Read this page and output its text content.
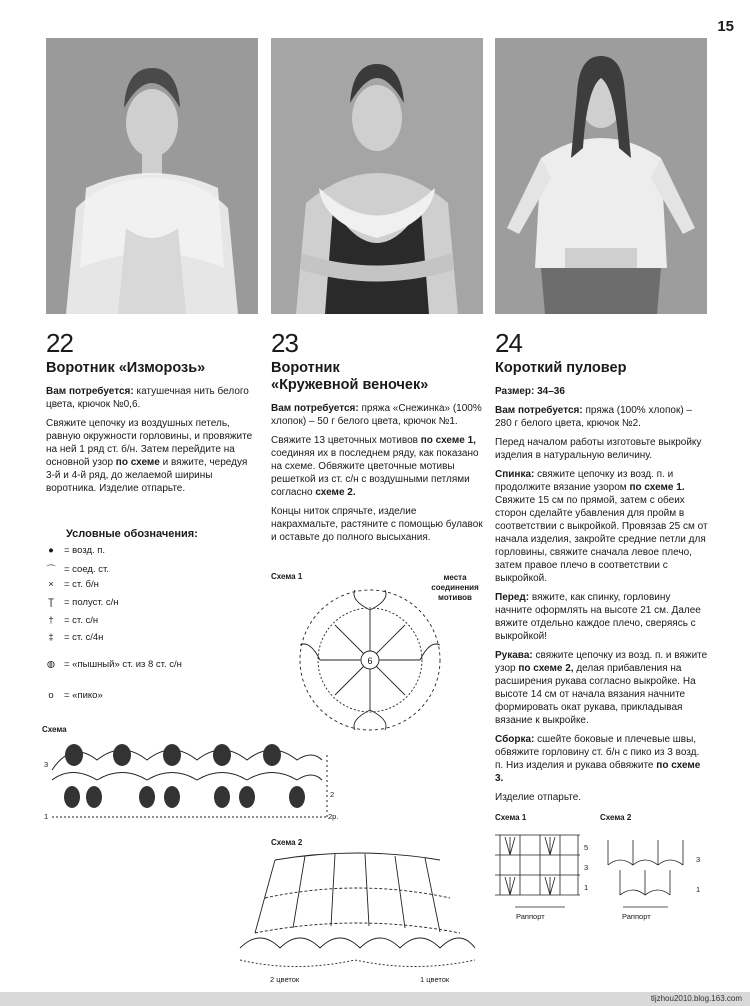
15
22
Воротник «Изморозь»

Вам потребуется: катушечная нить белого цвета, крючок №0,6.

Свяжите цепочку из воздушных петель, равную окружности горловины, и провяжите на ней 1 ряд ст. б/н. Затем перейдите на основной узор по схеме и вяжите, чередуя 3-й и 4-й ряд, до желаемой ширины воротника. Изделие отпарьте.

Условные обозначения:
●	= возд. п.
⌒ = соед. ст.
×	= ст. б/н
Ţ	= полуст. с/н
†	= ст. с/н
‡	= ст. с/4н
◍ = «пышный» ст. из 8 ст. с/н
o	= «пико»
Схема
3
1
2
2р.
23
Воротник
«Кружевной веночек»

Вам потребуется: пряжа «Снежинка» (100% хлопок) – 50 г белого цвета, крючок №1.

Свяжите 13 цветочных мотивов по схеме 1, соединяя их в последнем ряду, как показано на схеме. Обвяжите цветочные мотивы решеткой из ст. с/н с воздушными петлями согласно схеме 2.

Концы ниток спрячьте, изделие накрахмальте, растяните с помощью булавок и оставьте до полного высыхания.

Схема 1	места соединения мотивов
6
Схема 2
2 цветок	1 цветок
24
Короткий пуловер

Размер: 34–36

Вам потребуется: пряжа (100% хлопок) – 280 г белого цвета, крючок №2.

Перед началом работы изготовьте выкройку изделия в натуральную величину.

Спинка: свяжите цепочку из возд. п. и продолжите вязание узором по схеме 1. Свяжите 15 см по прямой, затем с обеих сторон сделайте убавления для пройм в соответствии с выкройкой. Провязав 25 см от начала изделия, закройте средние петли для горловины, свяжите сначала левое плечо, затем правое плечо в соответствии с выкройкой.

Перед: вяжите, как спинку, горловину начните оформлять на высоте 21 см. Далее вяжите отдельно каждое плечо, сверяясь с выкройкой!

Рукава: свяжите цепочку из возд. п. и вяжите узор по схеме 2, делая прибавления на расширения рукава согласно выкройке. На высоте 14 см от начала вязания начните формировать окат рукава, прикладывая вязание к выкройке.

Сборка: сшейте боковые и плечевые швы, обвяжите горловину ст. б/н с пико из 3 возд. п. Низ изделия и рукава обвяжите по схеме 3.

Изделие отпарьте.

Схема 1	Схема 2
5
3
1
Раппорт
3
1
Раппорт
tljzhou2010.blog.163.com
